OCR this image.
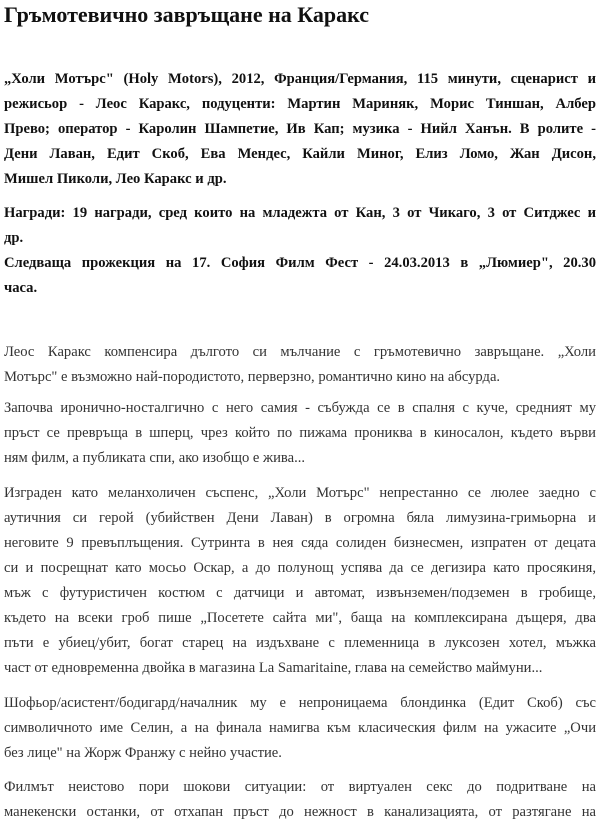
Гръмотевично завръщане на Каракс
„Холи Мотърс" (Holy Motors), 2012, Франция/Германия, 115 минути, сценарист и
режисьор - Леос Каракс, подуценти: Мартин Мариняк, Морис Тиншан, Албер
Прево; оператор - Каролин Шампетие, Ив Кап; музика - Нийл Ханън. В ролите -
Дени Лаван, Едит Скоб, Ева Мендес, Кайли Миног, Елиз Ломо, Жан Дисон,
Мишел Пиколи, Лео Каракс и др.
Награди: 19 награди, сред които на младежта от Кан, 3 от Чикаго, 3 от Ситджес и
др.
Следваща прожекция на 17. София Филм Фест - 24.03.2013 в „Люмиер", 20.30
часа.
Леос Каракс компенсира дългото си мълчание с гръмотевично завръщане. „Холи
Мотърс" е възможно най-породистото, перверзно, романтично кино на абсурда.
Започва иронично-носталгично с него самия - събужда се в спалня с куче, средният му
пръст се превръща в шперц, чрез който по пижама прониква в киносалон, където върви
ням филм, а публиката спи, ако изобщо е жива...
Изграден като меланхоличен съспенс, „Холи Мотърс" непрестанно се люлее заедно с
аутичния си герой (убийствен Дени Лаван) в огромна бяла лимузина-гримьорна и
неговите 9 превъплъщения. Сутринта в нея сяда солиден бизнесмен, изпратен от децата
си и посрещнат като мосьо Оскар, а до полунощ успява да се дегизира като просякиня,
мъж с футуристичен костюм с датчици и автомат, извънземен/подземен в гробище,
където на всеки гроб пише „Посетете сайта ми", баща на комплексирана дъщеря, два
пъти е убиец/убит, богат старец на издъхване с племенница в луксозен хотел, мъжка
част от едновременна двойка в магазина La Samaritaine, глава на семейство маймуни...
Шофьор/асистент/бодигард/началник му е непроницаема блондинка (Едит Скоб) със
символичното име Селин, а на финала намигва към класическия филм на ужасите „Очи
без лице" на Жорж Франжу с нейно участие.
Филмът неистово пори шокови ситуации: от виртуален секс до подритване на
манекенски останки, от отхапан пръст до нежност в канализацията, от разтягане на
